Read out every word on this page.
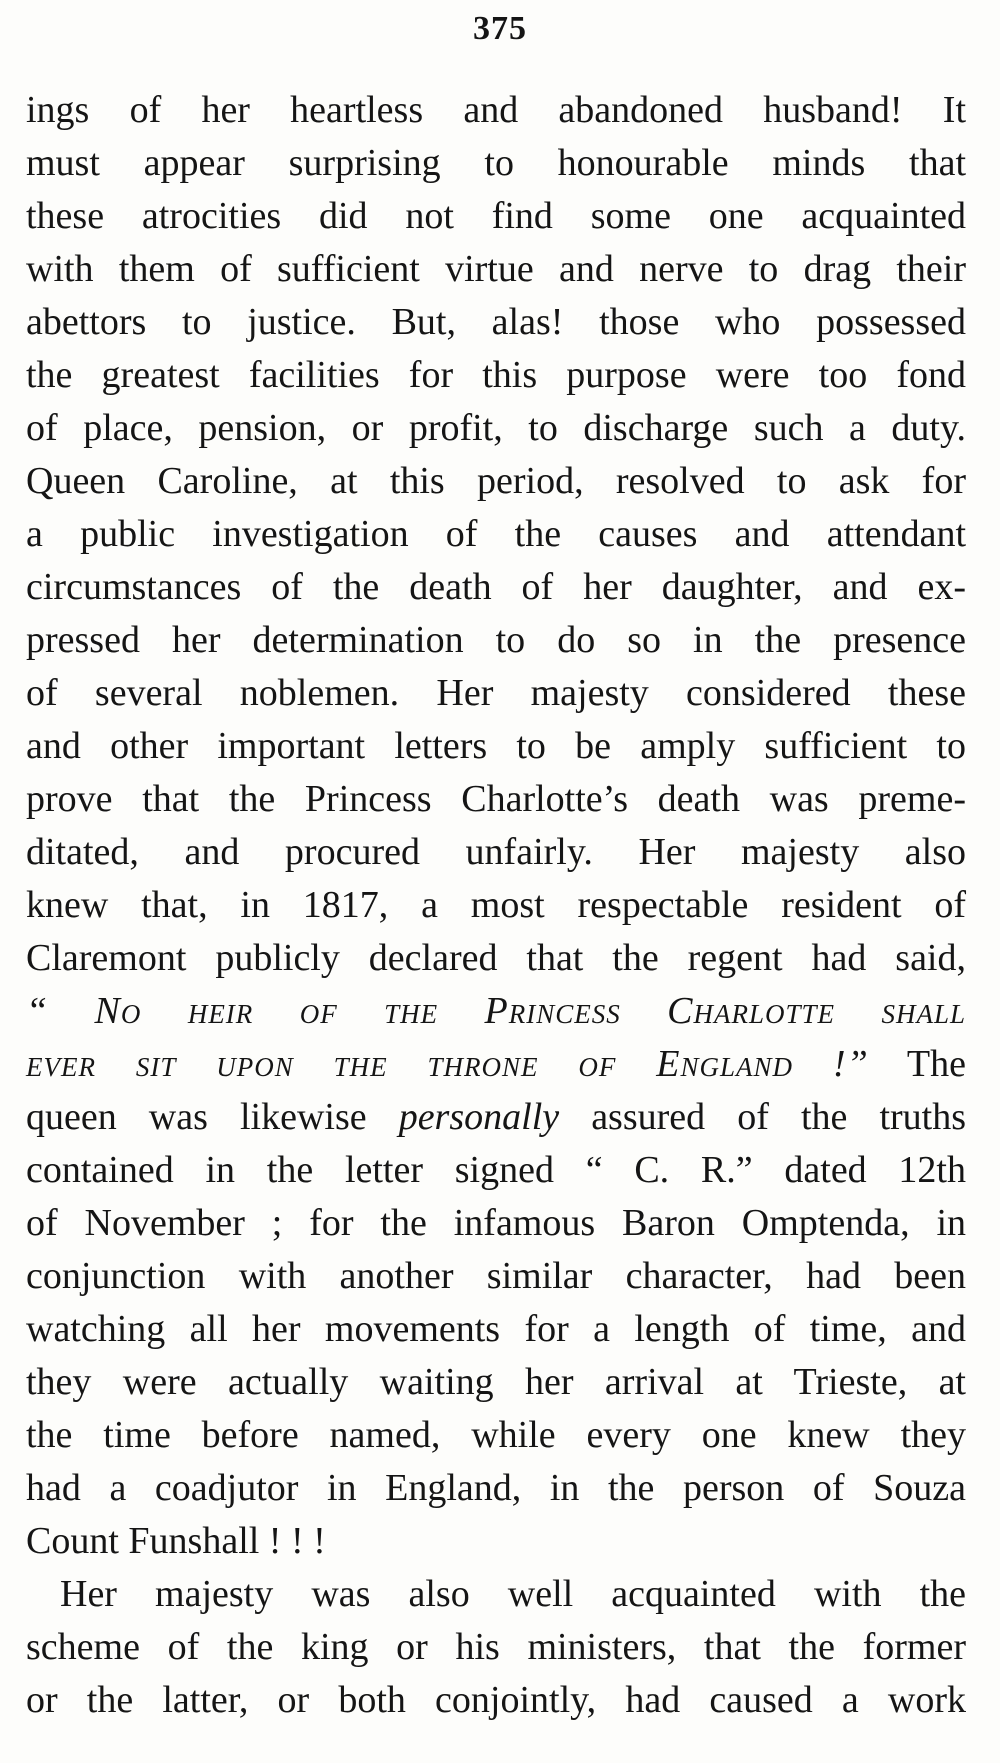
375
ings of her heartless and abandoned husband! It
must appear surprising to honourable minds that
these atrocities did not find some one acquainted
with them of sufficient virtue and nerve to drag their
abettors to justice. But, alas! those who possessed
the greatest facilities for this purpose were too fond
of place, pension, or profit, to discharge such a duty.
Queen Caroline, at this period, resolved to ask for
a public investigation of the causes and attendant
circumstances of the death of her daughter, and ex-
pressed her determination to do so in the presence
of several noblemen. Her majesty considered these
and other important letters to be amply sufficient to
prove that the Princess Charlotte’s death was preme-
ditated, and procured unfairly. Her majesty also
knew that, in 1817, a most respectable resident of
Claremont publicly declared that the regent had said,
“ No heir of the Princess Charlotte shall
ever sit upon the throne of England !” The
queen was likewise personally assured of the truths
contained in the letter signed “ C. R.” dated 12th
of November ; for the infamous Baron Omptenda, in
conjunction with another similar character, had been
watching all her movements for a length of time, and
they were actually waiting her arrival at Trieste, at
the time before named, while every one knew they
had a coadjutor in England, in the person of Souza
Count Funshall ! ! !
Her majesty was also well acquainted with the
scheme of the king or his ministers, that the former
or the latter, or both conjointly, had caused a work
